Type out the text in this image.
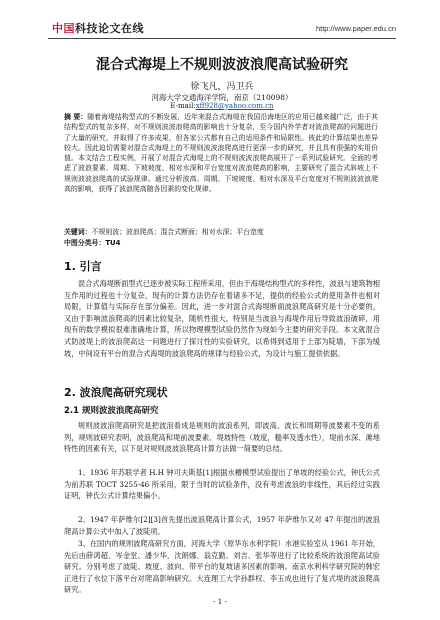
中国科技论文在线	http://www.paper.edu.cn
混合式海堤上不规则波波浪爬高试验研究
徐飞凡，冯卫兵
河海大学交通海洋学院，南京（210098）
E-mail:xff928@yahoo.com.cn
摘 要：随着海堤结构型式的不断发展，近年来混合式海堤在我国沿海地区的应用已越来越广泛，由于其结构型式的复杂多样，对不规则波波浪爬高的影响也十分复杂，至今国内外学者对波浪爬高的问题进行了大量的研究，并取得了许多成果，但各家公式都有自己的适用条件和局限性。彼此的计算结果也差异较大。因此迫切需要对混合式海堤上的不规则波波浪爬高进行更深一步的研究，并且具有很强的实用价值。本文结合工程实例，开展了对混合式海堤上的不规则波波浪爬高展开了一系列试验研究。全面的考虑了波浪要素、周期、下坡坡度、相对水深和平台宽度对波浪爬高的影响，主要研究了混合式斜坡上不规则波波浪爬高的试验规律。通过分析波高、周期、下坡坡度、相对水深及平台宽度对不规则波波浪爬高的影响，获得了波浪爬高随各因素的变化规律。
关键词：不规则波；波浪爬高；混合式断面；相对水深；平台宽度
中图分类号：TU4
1. 引言
混合式海堤断面型式已逐步被实际工程所采用，但由于海堤结构型式的多样性，波浪与建筑物相互作用的过程也十分复杂，现有的计算方法仍存在着诸多不足，提供的经验公式的使用条件也相对局限，计算值与实际存在部分偏差。因此，进一步对混合式海堤断面波浪爬高研究是十分必要的，又由于影响波浪爬高的因素比较复杂，随机性很大，特别是当波浪与海堤作用后导致波浪破碎，用现有的数学模拟很难准确地计算，所以物理模型试验仍然作为现如今主要的研究手段。本文就混合式防波堤上的波浪爬高这一问题进行了探讨性的实验研究，以希得到适用于上部为陡墙，下部为缓坡，中间设有平台的混合式海堤的波浪爬高的规律与经验公式，为设计与施工提供依据。
2. 波浪爬高研究现状
2.1 规则波波浪爬高研究
规则波波浪爬高研究是把波浪看成是规则的波浪系列，即波高、波长和周期等波要素不变的系列，规则波研究表明，波浪爬高和堤前波要素、堤坡特性（坡度，糙率及透水性），堤前水深、滩地特性的因素有关，以下是对规则波波浪爬高计算方法做一简要的总结。
1、1936 年苏联学者 H.H 钟可夫斯基[1]根据水槽模型试验提出了单坡的经验公式，钟氏公式为前苏联 TOCT 3255-46 所采用，限于当时的试验条件，没有考虑波浪的非线性，其后经过实践证明，钟氏公式计算结果偏小。
2、1947 年萨维尔[2][3]首先提出波浪爬高计算公式，1957 年萨维尔又对 47 年提出的波浪爬高计算公式中加入了波陡项。
3、在国内的规则波爬高研究方面，河海大学（原华东水利学院）水港实验室从 1961 年开始，先后由薛鸿超、岑金堂、潘少华、沈朗娜、翁克勤、刘吉、张华等进行了比较系统的波浪爬高试验研究。分别考虑了波陡、坡度、波向、带平台的复坡诸多因素的影响。南京水利科学研究院的韩宏正进行了水位下落平台对爬高影响研究。大连理工大学孙群权、李玉成也进行了复式堤的波浪爬高研究。
- 1 -
